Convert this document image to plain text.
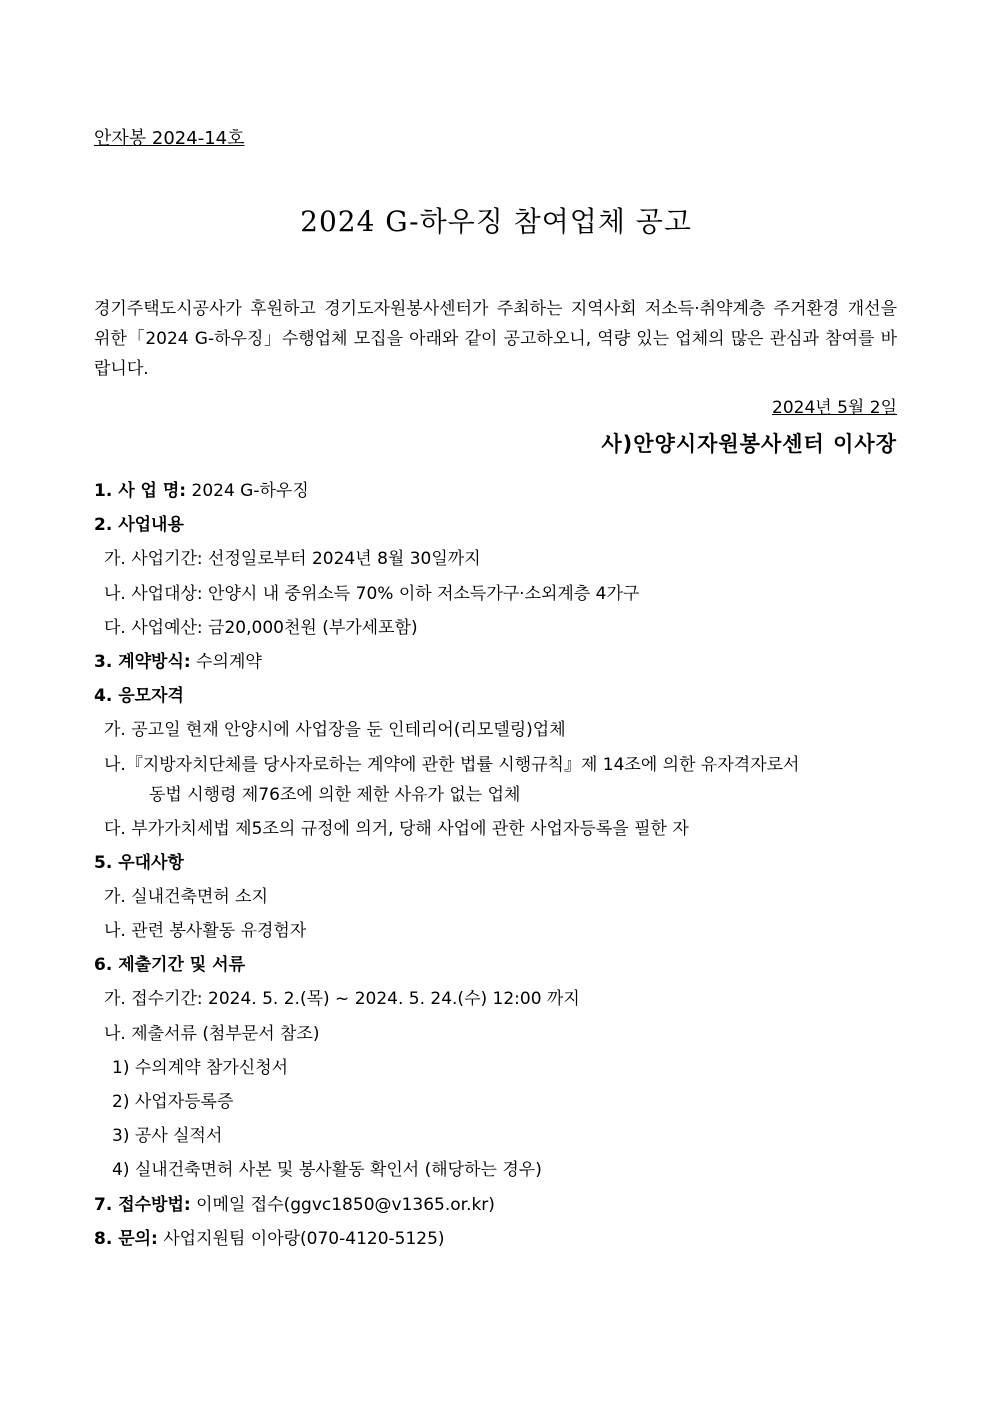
안자봉 2024-14호
2024 G-하우징 참여업체 공고
경기주택도시공사가 후원하고 경기도자원봉사센터가 주최하는 지역사회 저소득·취약계층 주거환경 개선을 위한「2024 G-하우징」수행업체 모집을 아래와 같이 공고하오니, 역량 있는 업체의 많은 관심과 참여를 바랍니다.
2024년 5월 2일
사)안양시자원봉사센터 이사장
1. 사 업 명: 2024 G-하우징
2. 사업내용
가. 사업기간: 선정일로부터 2024년 8월 30일까지
나. 사업대상: 안양시 내 중위소득 70% 이하 저소득가구·소외계층 4가구
다. 사업예산: 금20,000천원 (부가세포함)
3. 계약방식: 수의계약
4. 응모자격
가. 공고일 현재 안양시에 사업장을 둔 인테리어(리모델링)업체
나.『지방자치단체를 당사자로하는 계약에 관한 법률 시행규칙』제 14조에 의한 유자격자로서
동법 시행령 제76조에 의한 제한 사유가 없는 업체
다. 부가가치세법 제5조의 규정에 의거, 당해 사업에 관한 사업자등록을 필한 자
5. 우대사항
가. 실내건축면허 소지
나. 관련 봉사활동 유경험자
6. 제출기간 및 서류
가. 접수기간: 2024. 5. 2.(목) ~ 2024. 5. 24.(수) 12:00 까지
나. 제출서류 (첨부문서 참조)
1) 수의계약 참가신청서
2) 사업자등록증
3) 공사 실적서
4) 실내건축면허 사본 및 봉사활동 확인서 (해당하는 경우)
7. 접수방법: 이메일 접수(ggvc1850@v1365.or.kr)
8. 문의: 사업지원팀 이아랑(070-4120-5125)
